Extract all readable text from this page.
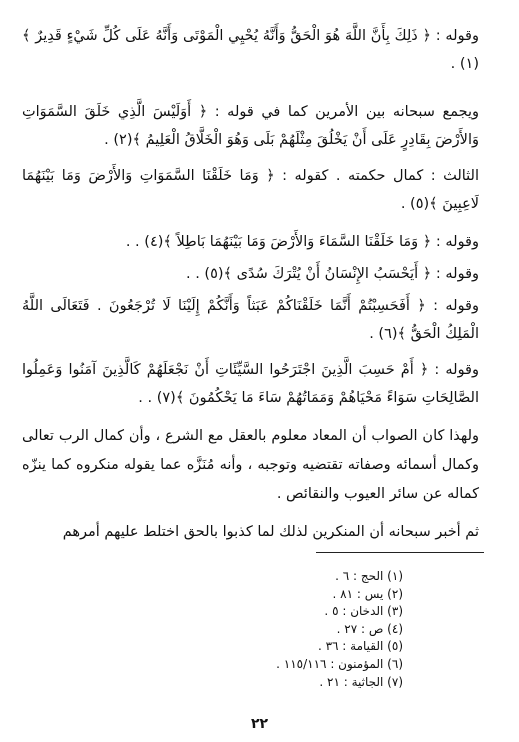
وقوله : ﴿ ذَلِكَ بِأَنَّ اللَّهَ هُوَ الْحَقُّ وَأَنَّهُ يُحْيِي الْمَوْتَى وَأَنَّهُ عَلَى كُلِّ شَيْءٍ قَدِيرٌ ﴾(١) .

ويجمع سبحانه بين الأمرين كما في قوله : ﴿ أَوَلَيْسَ الَّذِي خَلَقَ السَّمَوَاتِ وَالأَرْضَ بِقَادِرٍ عَلَى أَنْ يَخْلُقَ مِثْلَهُمْ بَلَى وَهُوَ الْخَلَّاقُ الْعَلِيمُ ﴾(٢) .

الثالث : كمال حكمته . كقوله : ﴿ وَمَا خَلَقْنَا السَّمَوَاتِ وَالأَرْضَ وَمَا بَيْنَهُمَا لَاعِبِينَ ﴾(٥) .

وقوله : ﴿ وَمَا خَلَقْنَا السَّمَاءَ وَالأَرْضَ وَمَا بَيْنَهُمَا بَاطِلاً ﴾(٤) . .

وقوله : ﴿ أَيَحْسَبُ الإِنْسَانُ أَنْ يُتْرَكَ سُدًى ﴾(٥) . .

وقوله : ﴿ أَفَحَسِبْتُمْ أَنَّمَا خَلَقْنَاكُمْ عَبَثاً وَأَنَّكُمْ إِلَيْنَا لَا تُرْجَعُونَ . فَتَعَالَى اللَّهُ الْمَلِكُ الْحَقُّ ﴾(٦) .

وقوله : ﴿ أَمْ حَسِبَ الَّذِينَ اجْتَرَحُوا السَّيِّئَاتِ أَنْ نَجْعَلَهُمْ كَالَّذِينَ آمَنُوا وَعَمِلُوا الصَّالِحَاتِ سَوَاءً مَحْيَاهُمْ وَمَمَاتُهُمْ سَاءَ مَا يَحْكُمُونَ ﴾(٧) . .

ولهذا كان الصواب أن المعاد معلوم بالعقل مع الشرع ، وأن كمال الرب تعالى وكمال أسمائه وصفاته تقتضيه وتوجبه ، وأنه مُنَزَّه عما يقوله منكروه كما ينزّه كماله عن سائر العيوب والنقائص .

ثم أخبر سبحانه أن المنكرين لذلك لما كذبوا بالحق اختلط عليهم أمرهم

(١) الحج : ٦ .
(٢) يس : ٨١ .
(٣) الدخان : ٥ .
(٤) ص : ٢٧ .
(٥) القيامة : ٣٦ .
(٦) المؤمنون : ١١٥/١١٦ .
(٧) الجاثية : ٢١ .
٢٢
